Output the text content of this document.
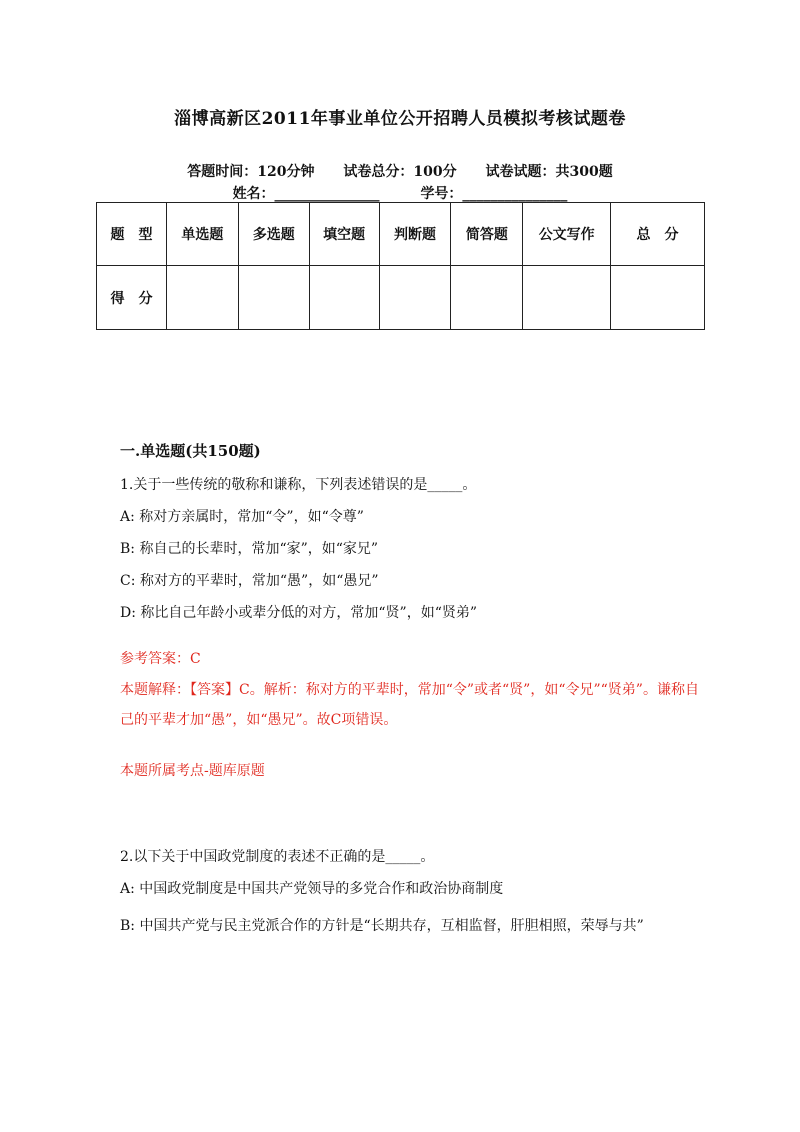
淄博高新区2011年事业单位公开招聘人员模拟考核试题卷
答题时间：120分钟 试卷总分：100分 试卷试题：共300题
姓名：_______________	学号：_______________
题　型	单选题	多选题	填空题	判断题	简答题	公文写作	总　分
得　分							
一.单选题(共150题)

1.关于一些传统的敬称和谦称，下列表述错误的是_____。

A: 称对方亲属时，常加“令”，如“令尊”

B: 称自己的长辈时，常加“家”，如“家兄”

C: 称对方的平辈时，常加“愚”，如“愚兄”

D: 称比自己年龄小或辈分低的对方，常加“贤”，如“贤弟”

参考答案：C

本题解释：【答案】C。解析：称对方的平辈时，常加“令”或者“贤”，如“令兄”“贤弟”。谦称自己的平辈才加“愚”，如“愚兄”。故C项错误。

本题所属考点-题库原题

2.以下关于中国政党制度的表述不正确的是_____。

A: 中国政党制度是中国共产党领导的多党合作和政治协商制度

B: 中国共产党与民主党派合作的方针是“长期共存，互相监督，肝胆相照，荣辱与共”
